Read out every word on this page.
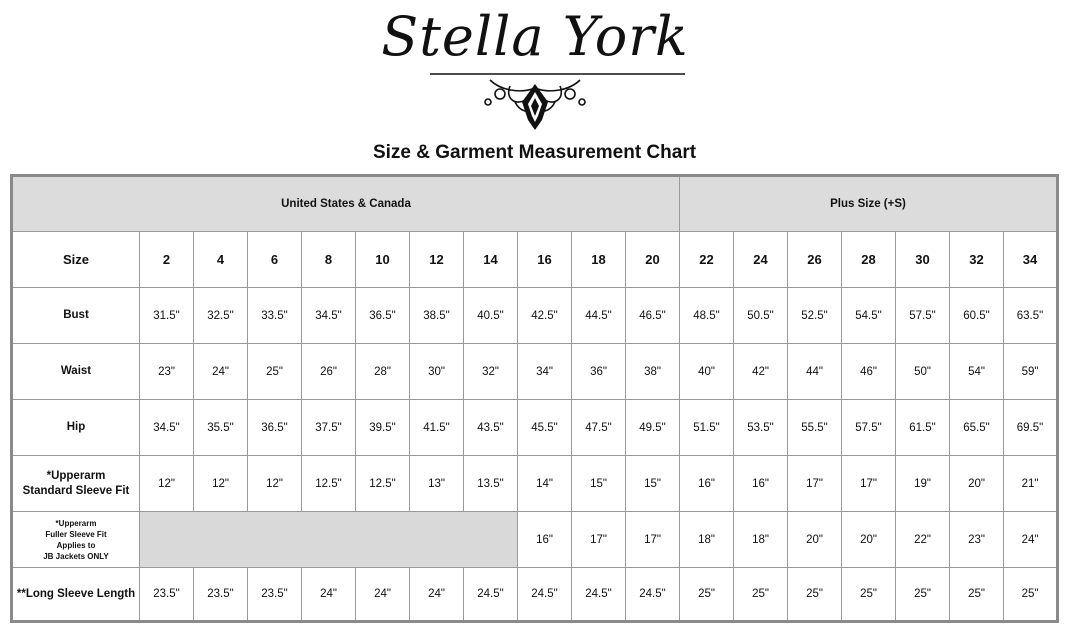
Stella York
Size & Garment Measurement Chart
United States & Canada											Plus Size (+S)						
Size	2	4	6	8	10	12	14	16	18	20	22	24	26	28	30	32	34
Bust	31.5"	32.5"	33.5"	34.5"	36.5"	38.5"	40.5"	42.5"	44.5"	46.5"	48.5"	50.5"	52.5"	54.5"	57.5"	60.5"	63.5"
Waist	23"	24"	25"	26"	28"	30"	32"	34"	36"	38"	40"	42"	44"	46"	50"	54"	59"
Hip	34.5"	35.5"	36.5"	37.5"	39.5"	41.5"	43.5"	45.5"	47.5"	49.5"	51.5"	53.5"	55.5"	57.5"	61.5"	65.5"	69.5"
*Upperarm
Standard Sleeve Fit	12"	12"	12"	12.5"	12.5"	13"	13.5"	14"	15"	15"	16"	16"	17"	17"	19"	20"	21"
*Upperarm
Fuller Sleeve Fit
Applies to
JB Jackets ONLY								16"	17"	17"	18"	18"	20"	20"	22"	23"	24"
**Long Sleeve Length	23.5"	23.5"	23.5"	24"	24"	24"	24.5"	24.5"	24.5"	24.5"	25"	25"	25"	25"	25"	25"	25"
